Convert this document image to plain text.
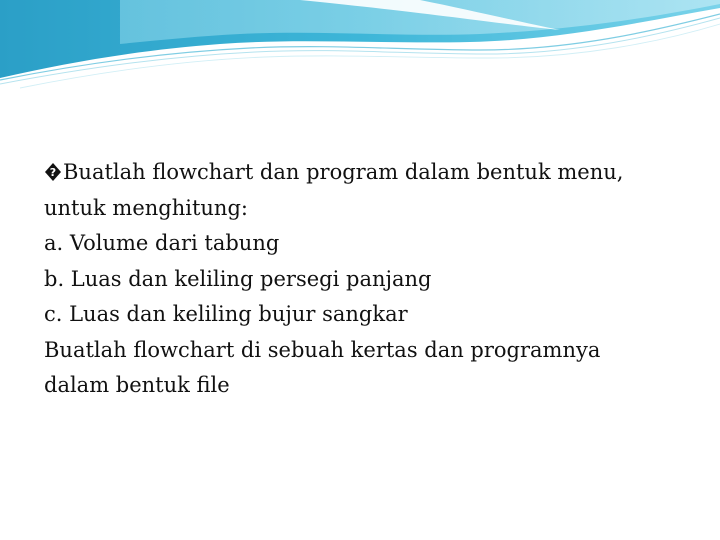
? Buatlah flowchart dan program dalam bentuk menu,
untuk menghitung:
a. Volume dari tabung
b. Luas dan keliling persegi panjang
c. Luas dan keliling bujur sangkar

Buatlah flowchart di sebuah kertas dan programnya
dalam bentuk file
